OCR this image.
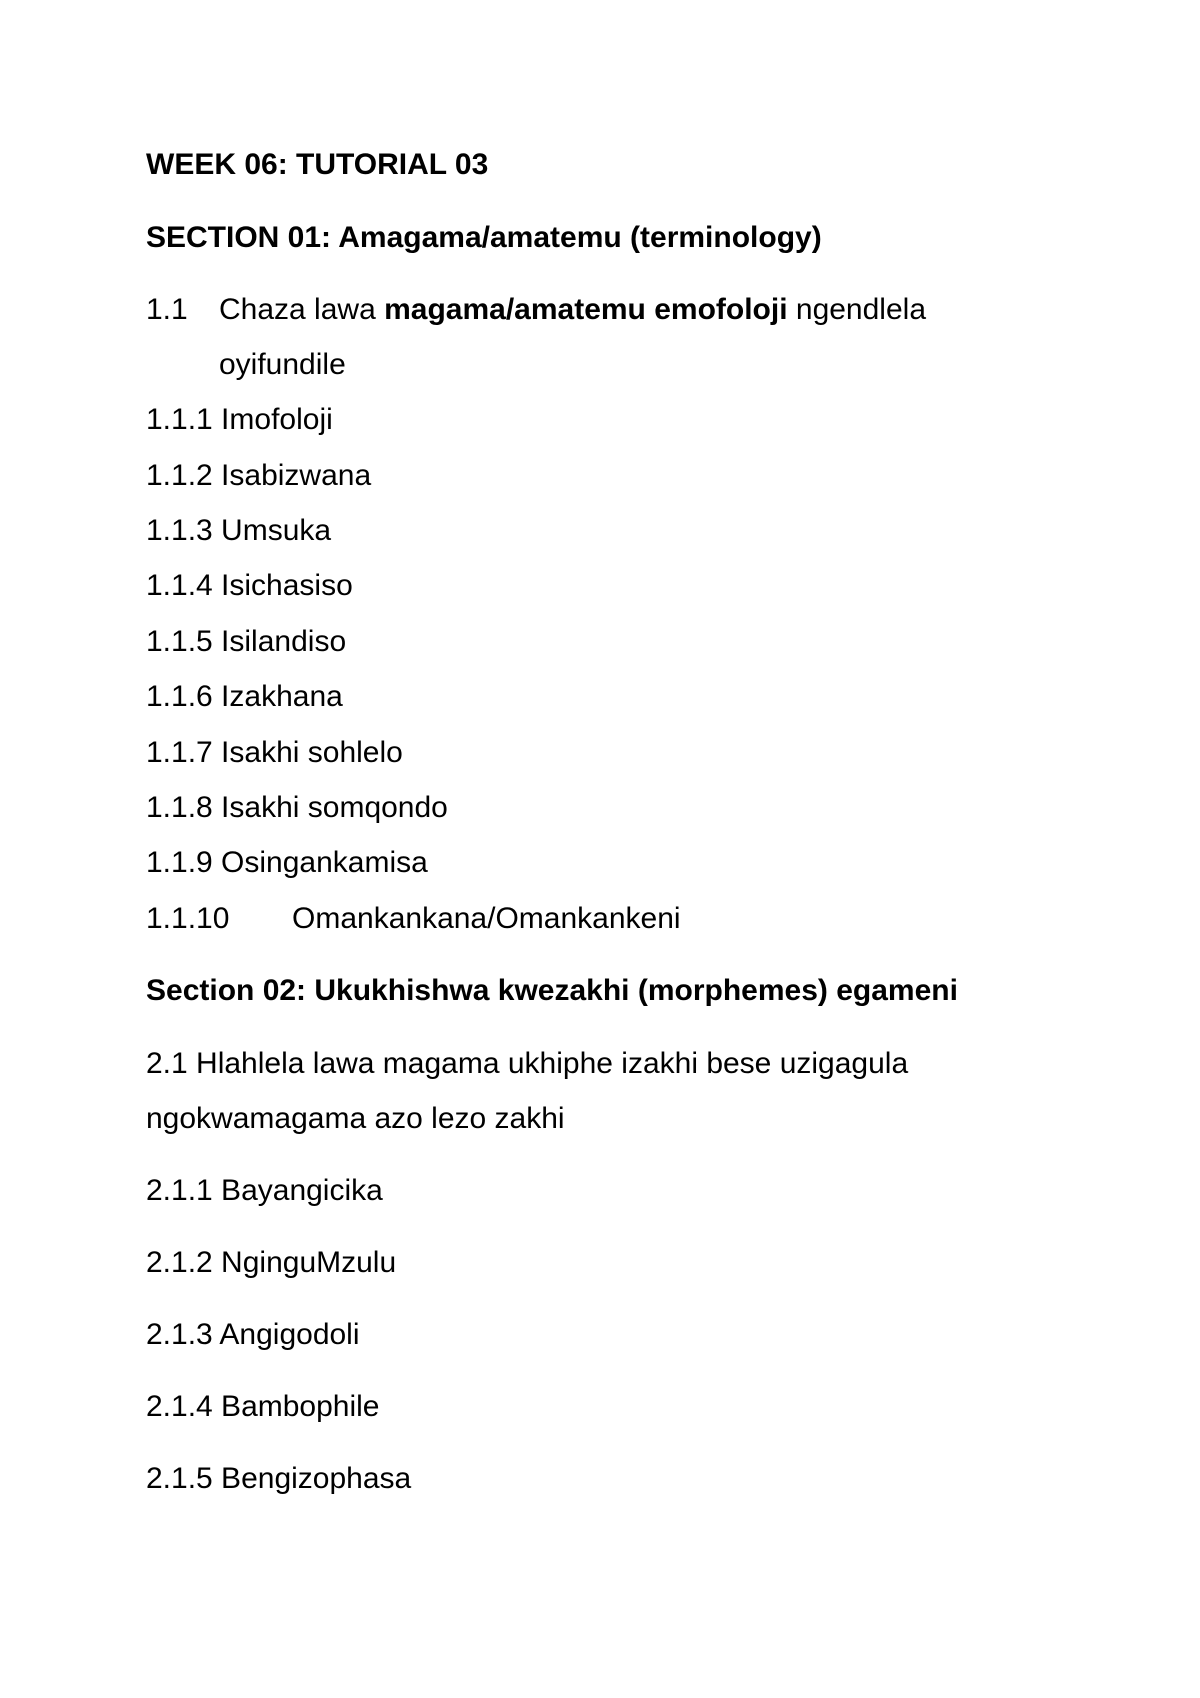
WEEK 06: TUTORIAL 03
SECTION 01: Amagama/amatemu (terminology)
1.1 Chaza lawa magama/amatemu emofoloji ngendlela
oyifundile
1.1.1 Imofoloji
1.1.2 Isabizwana
1.1.3 Umsuka
1.1.4 Isichasiso
1.1.5 Isilandiso
1.1.6 Izakhana
1.1.7 Isakhi sohlelo
1.1.8 Isakhi somqondo
1.1.9 Osingankamisa
1.1.10 Omankankana/Omankankeni
Section 02: Ukukhishwa kwezakhi (morphemes) egameni
2.1 Hlahlela lawa magama ukhiphe izakhi bese uzigagula
ngokwamagama azo lezo zakhi
2.1.1 Bayangicika
2.1.2 NginguMzulu
2.1.3 Angigodoli
2.1.4 Bambophile
2.1.5 Bengizophasa
